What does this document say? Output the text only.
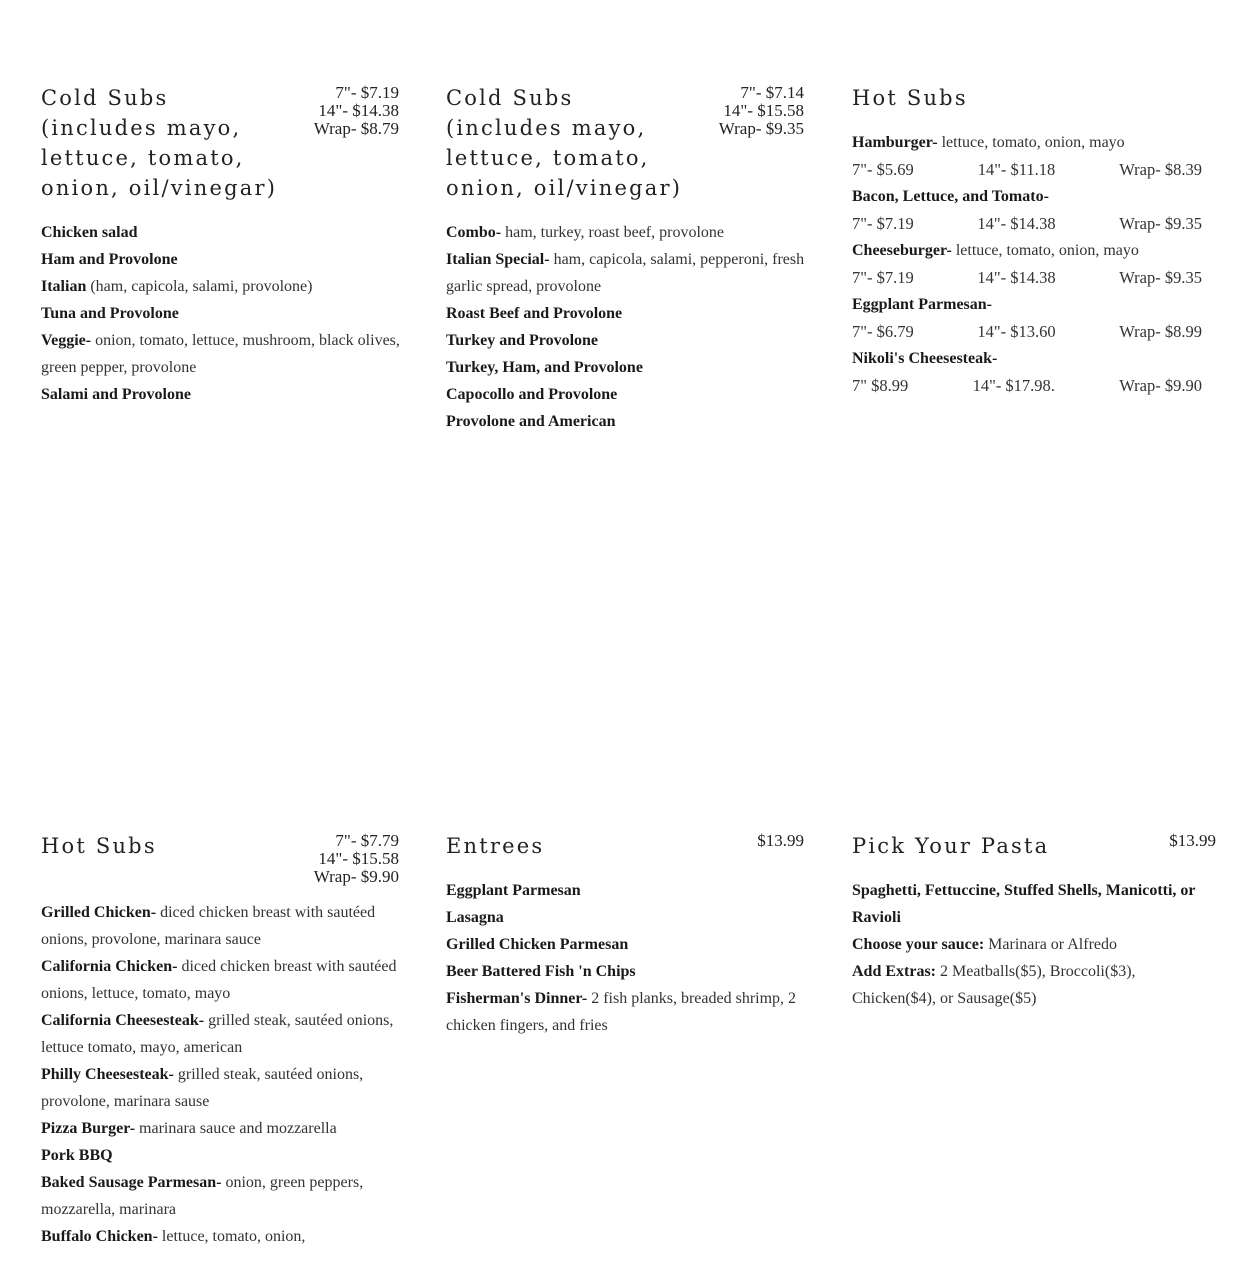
Cold Subs (includes mayo, lettuce, tomato, onion, oil/vinegar)
7"- $7.19
14"- $14.38
Wrap- $8.79

Chicken salad

Ham and Provolone

Italian (ham, capicola, salami, provolone)

Tuna and Provolone

Veggie- onion, tomato, lettuce, mushroom, black olives, green pepper, provolone

Salami and Provolone

Cold Subs (includes mayo, lettuce, tomato, onion, oil/vinegar)
7"- $7.14
14"- $15.58
Wrap- $9.35

Combo- ham, turkey, roast beef, provolone

Italian Special- ham, capicola, salami, pepperoni, fresh garlic spread, provolone

Roast Beef and Provolone

Turkey and Provolone

Turkey, Ham, and Provolone

Capocollo and Provolone

Provolone and American

Hot Subs

Hamburger- lettuce, tomato, onion, mayo

7"- $5.69	14"- $11.18	Wrap- $8.39

Bacon, Lettuce, and Tomato-

7"- $7.19	14"- $14.38	Wrap- $9.35

Cheeseburger- lettuce, tomato, onion, mayo

7"- $7.19	14"- $14.38	Wrap- $9.35

Eggplant Parmesan-

7"- $6.79	14"- $13.60	Wrap- $8.99

Nikoli's Cheesesteak-

7" $8.99	14"- $17.98.	Wrap- $9.90
Hot Subs	7"- $7.79
14"- $15.58
Wrap- $9.90

Grilled Chicken- diced chicken breast with sautéed onions, provolone, marinara sauce

California Chicken- diced chicken breast with sautéed onions, lettuce, tomato, mayo

California Cheesesteak- grilled steak, sautéed onions, lettuce tomato, mayo, american

Philly Cheesesteak- grilled steak, sautéed onions, provolone, marinara sause

Pizza Burger- marinara sauce and mozzarella

Pork BBQ

Baked Sausage Parmesan- onion, green peppers, mozzarella, marinara

Buffalo Chicken- lettuce, tomato, onion,

Entrees	$13.99

Eggplant Parmesan

Lasagna

Grilled Chicken Parmesan

Beer Battered Fish 'n Chips

Fisherman's Dinner- 2 fish planks, breaded shrimp, 2 chicken fingers, and fries

Pick Your Pasta	$13.99

Spaghetti, Fettuccine, Stuffed Shells, Manicotti, or Ravioli

Choose your sauce: Marinara or Alfredo

Add Extras: 2 Meatballs($5), Broccoli($3), Chicken($4), or Sausage($5)
